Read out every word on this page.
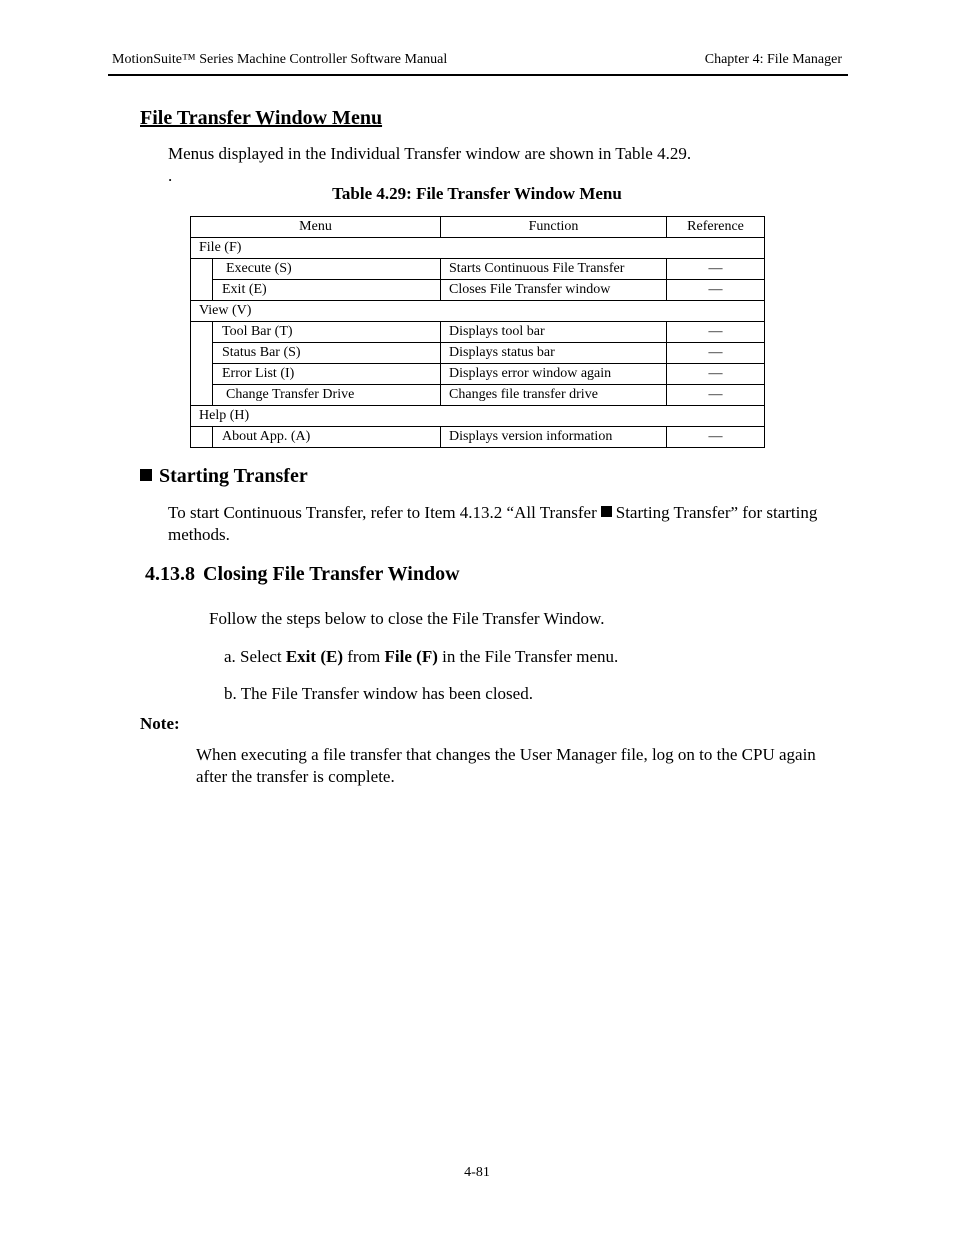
MotionSuite™ Series Machine Controller Software Manual	Chapter 4: File Manager
File Transfer Window Menu
Menus displayed in the Individual Transfer window are shown in Table 4.29.
.
Table 4.29: File Transfer Window Menu
Menu		Function	Reference
File (F)			
	Execute (S)	Starts Continuous File Transfer	—
	Exit (E)	Closes File Transfer window	—
View (V)			
	Tool Bar (T)	Displays tool bar	—
	Status Bar (S)	Displays status bar	—
	Error List (I)	Displays error window again	—
	Change Transfer Drive	Changes file transfer drive	—
Help (H)			
	About App. (A)	Displays version information	—
Starting Transfer
To start Continuous Transfer, refer to Item 4.13.2 “All Transfer Starting Transfer” for starting methods.
4.13.8 Closing File Transfer Window
Follow the steps below to close the File Transfer Window.
a. Select Exit (E) from File (F) in the File Transfer menu.
b. The File Transfer window has been closed.
Note:
When executing a file transfer that changes the User Manager file, log on to the CPU again after the transfer is complete.
4-81
